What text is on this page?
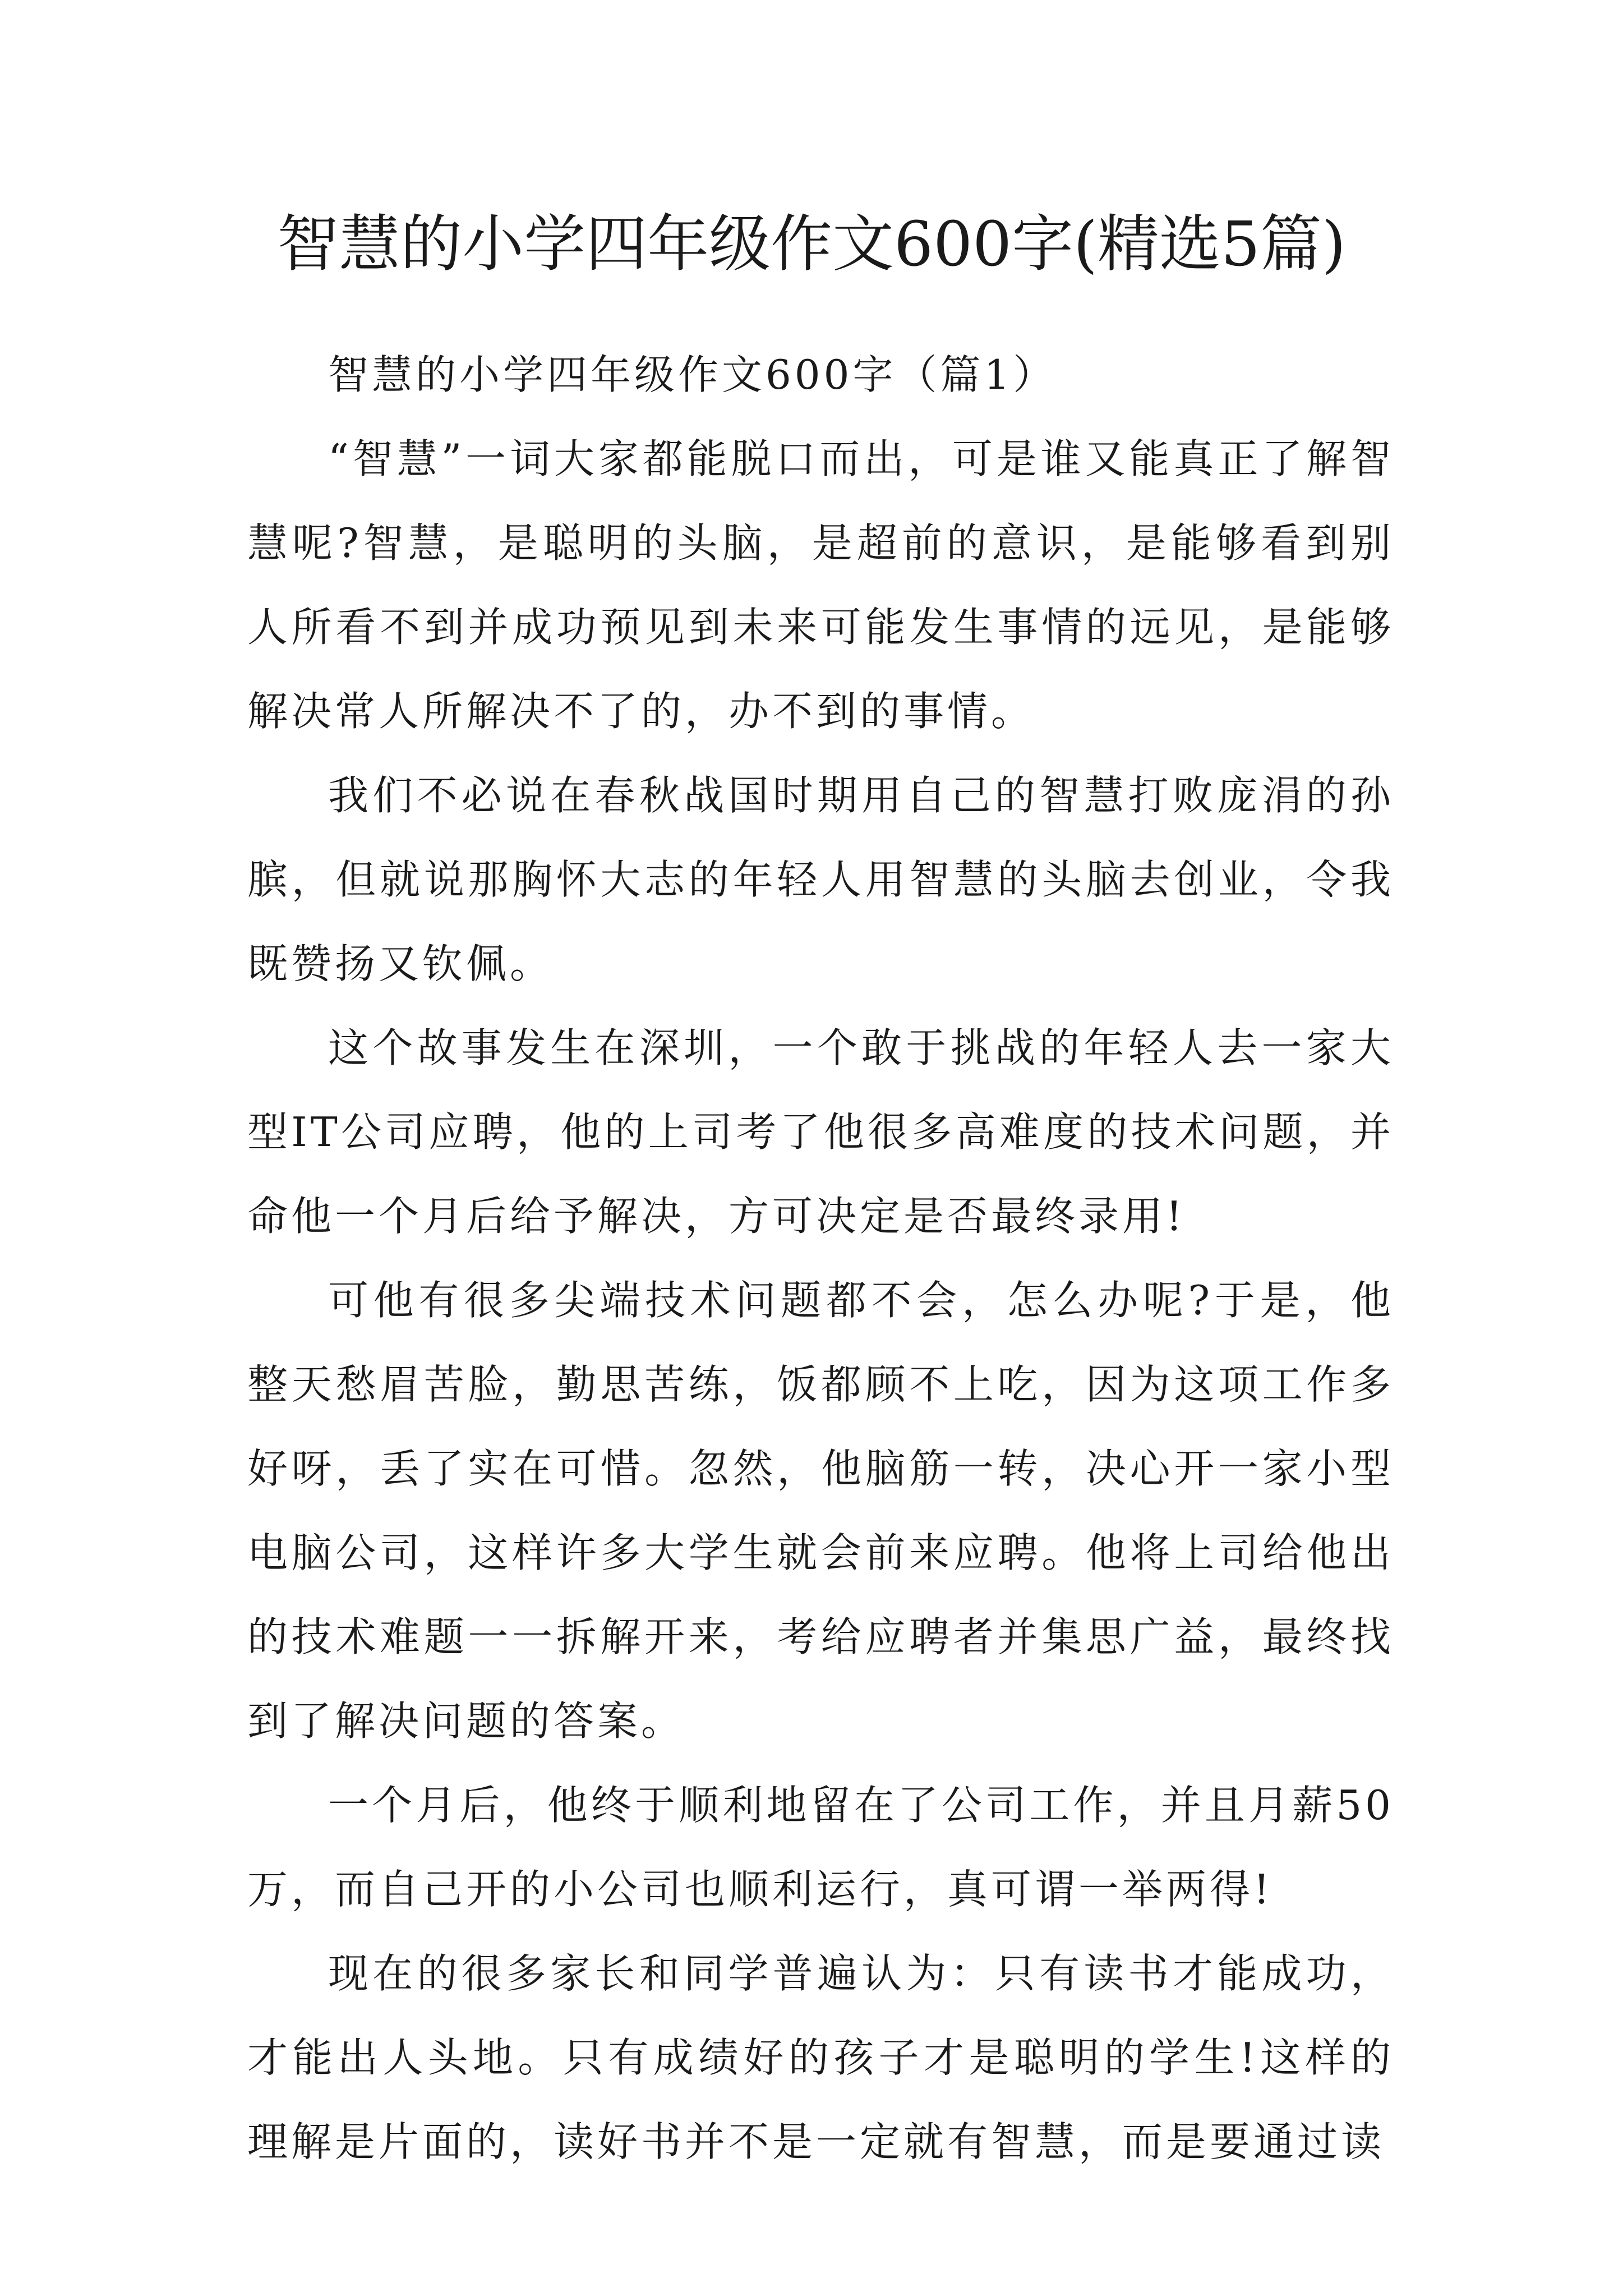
智慧的小学四年级作文600字(精选5篇)

智慧的小学四年级作文600字（篇1）

“智慧”一词大家都能脱口而出，可是谁又能真正了解智慧呢?智慧，是聪明的头脑，是超前的意识，是能够看到别人所看不到并成功预见到未来可能发生事情的远见，是能够解决常人所解决不了的，办不到的事情。

我们不必说在春秋战国时期用自己的智慧打败庞涓的孙膑，但就说那胸怀大志的年轻人用智慧的头脑去创业，令我既赞扬又钦佩。

这个故事发生在深圳，一个敢于挑战的年轻人去一家大型IT公司应聘，他的上司考了他很多高难度的技术问题，并命他一个月后给予解决，方可决定是否最终录用!

可他有很多尖端技术问题都不会，怎么办呢?于是，他整天愁眉苦脸，勤思苦练，饭都顾不上吃，因为这项工作多好呀，丢了实在可惜。忽然，他脑筋一转，决心开一家小型电脑公司，这样许多大学生就会前来应聘。他将上司给他出的技术难题一一拆解开来，考给应聘者并集思广益，最终找到了解决问题的答案。

一个月后，他终于顺利地留在了公司工作，并且月薪50万，而自己开的小公司也顺利运行，真可谓一举两得!

现在的很多家长和同学普遍认为：只有读书才能成功，才能出人头地。只有成绩好的孩子才是聪明的学生!这样的理解是片面的，读好书并不是一定就有智慧，而是要通过读
